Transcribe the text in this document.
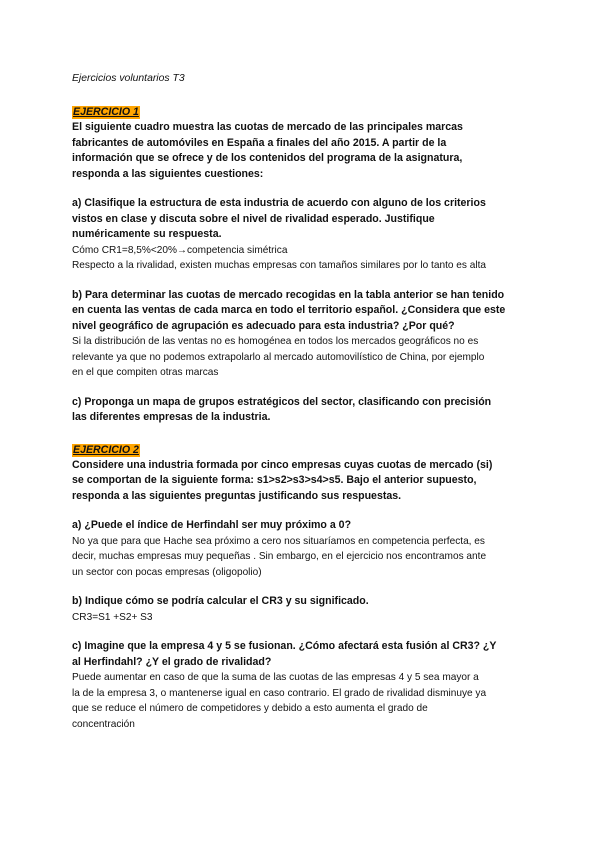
Ejercicios voluntarios T3
EJERCICIO 1

El siguiente cuadro muestra las cuotas de mercado de las principales marcas

fabricantes de automóviles en España a finales del año 2015. A partir de la

información que se ofrece y de los contenidos del programa de la asignatura,

responda a las siguientes cuestiones:

a) Clasifique la estructura de esta industria de acuerdo con alguno de los criterios

vistos en clase y discuta sobre el nivel de rivalidad esperado. Justifique

numéricamente su respuesta.

Cómo CR1=8,5%<20%→competencia simétrica

Respecto a la rivalidad, existen muchas empresas con tamaños similares por lo tanto es alta

b) Para determinar las cuotas de mercado recogidas en la tabla anterior se han tenido

en cuenta las ventas de cada marca en todo el territorio español. ¿Considera que este

nivel geográfico de agrupación es adecuado para esta industria? ¿Por qué?

Si la distribución de las ventas no es homogénea en todos los mercados geográficos no es

relevante ya que no podemos extrapolarlo al mercado automovilístico de China, por ejemplo

en el que compiten otras marcas

c) Proponga un mapa de grupos estratégicos del sector, clasificando con precisión

las diferentes empresas de la industria.

EJERCICIO 2

Considere una industria formada por cinco empresas cuyas cuotas de mercado (si)

se comportan de la siguiente forma: s1>s2>s3>s4>s5. Bajo el anterior supuesto,

responda a las siguientes preguntas justificando sus respuestas.

a) ¿Puede el índice de Herfindahl ser muy próximo a 0?

No ya que para que Hache sea próximo a cero nos situaríamos en competencia perfecta, es

decir, muchas empresas muy pequeñas . Sin embargo, en el ejercicio nos encontramos ante

un sector con pocas empresas (oligopolio)

b) Indique cómo se podría calcular el CR3 y su significado.

CR3=S1 +S2+ S3

c) Imagine que la empresa 4 y 5 se fusionan. ¿Cómo afectará esta fusión al CR3? ¿Y

al Herfindahl? ¿Y el grado de rivalidad?

Puede aumentar en caso de que la suma de las cuotas de las empresas 4 y 5 sea mayor a

la de la empresa 3, o mantenerse igual en caso contrario. El grado de rivalidad disminuye ya

que se reduce el número de competidores y debido a esto aumenta el grado de

concentración
